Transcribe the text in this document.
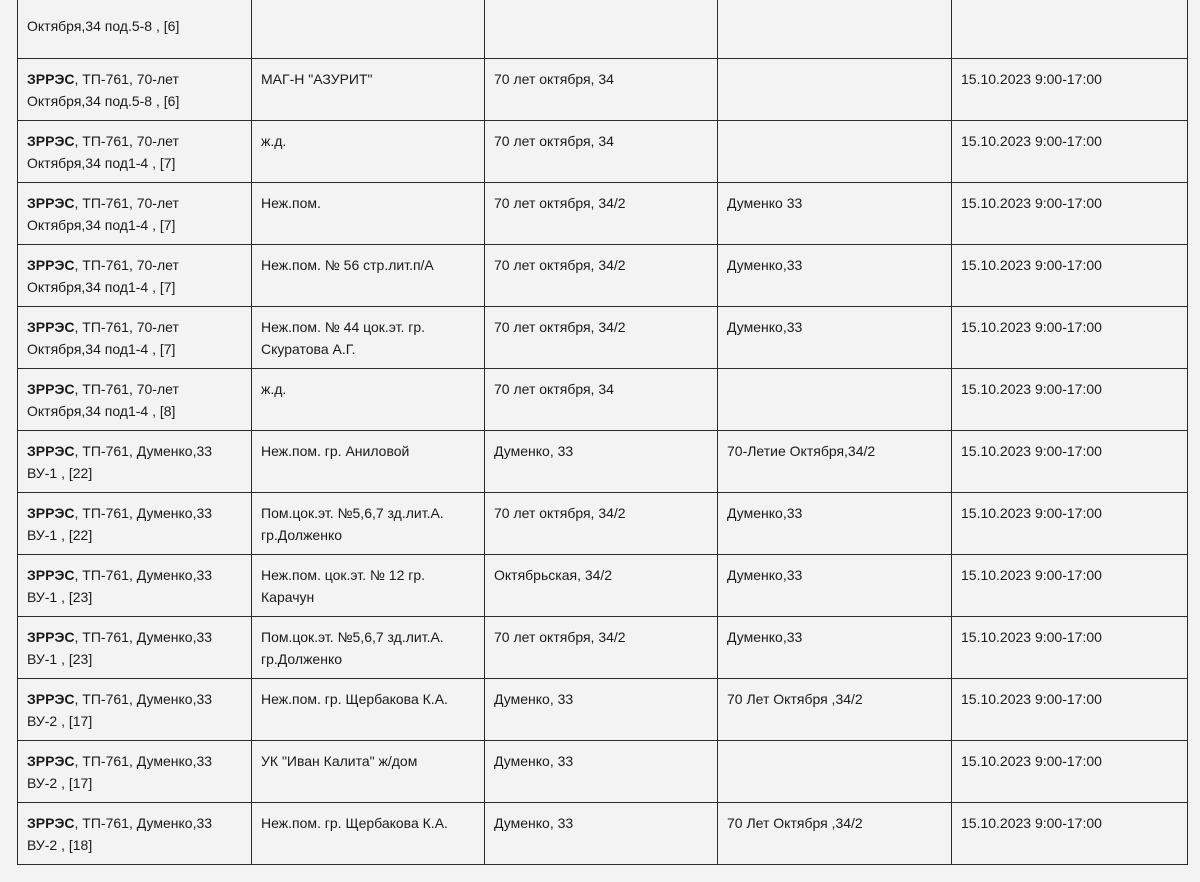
Октября,34 под.5-8 , [6]				
ЗРРЭС, ТП-761, 70-лет Октября,34 под.5-8 , [6]	МАГ-Н "АЗУРИТ"	70 лет октября, 34		15.10.2023 9:00-17:00
ЗРРЭС, ТП-761, 70-лет Октября,34 под1-4 , [7]	ж.д.	70 лет октября, 34		15.10.2023 9:00-17:00
ЗРРЭС, ТП-761, 70-лет Октября,34 под1-4 , [7]	Неж.пом.	70 лет октября, 34/2	Думенко 33	15.10.2023 9:00-17:00
ЗРРЭС, ТП-761, 70-лет Октября,34 под1-4 , [7]	Неж.пом. № 56 стр.лит.п/А	70 лет октября, 34/2	Думенко,33	15.10.2023 9:00-17:00
ЗРРЭС, ТП-761, 70-лет Октября,34 под1-4 , [7]	Неж.пом. № 44 цок.эт. гр. Скуратова А.Г.	70 лет октября, 34/2	Думенко,33	15.10.2023 9:00-17:00
ЗРРЭС, ТП-761, 70-лет Октября,34 под1-4 , [8]	ж.д.	70 лет октября, 34		15.10.2023 9:00-17:00
ЗРРЭС, ТП-761, Думенко,33 ВУ-1 , [22]	Неж.пом. гр. Аниловой	Думенко, 33	70-Летие Октября,34/2	15.10.2023 9:00-17:00
ЗРРЭС, ТП-761, Думенко,33 ВУ-1 , [22]	Пом.цок.эт. №5,6,7 зд.лит.А. гр.Долженко	70 лет октября, 34/2	Думенко,33	15.10.2023 9:00-17:00
ЗРРЭС, ТП-761, Думенко,33 ВУ-1 , [23]	Неж.пом. цок.эт. № 12 гр. Карачун	Октябрьская, 34/2	Думенко,33	15.10.2023 9:00-17:00
ЗРРЭС, ТП-761, Думенко,33 ВУ-1 , [23]	Пом.цок.эт. №5,6,7 зд.лит.А. гр.Долженко	70 лет октября, 34/2	Думенко,33	15.10.2023 9:00-17:00
ЗРРЭС, ТП-761, Думенко,33 ВУ-2 , [17]	Неж.пом. гр. Щербакова К.А.	Думенко, 33	70 Лет Октября ,34/2	15.10.2023 9:00-17:00
ЗРРЭС, ТП-761, Думенко,33 ВУ-2 , [17]	УК "Иван Калита" ж/дом	Думенко, 33		15.10.2023 9:00-17:00
ЗРРЭС, ТП-761, Думенко,33 ВУ-2 , [18]	Неж.пом. гр. Щербакова К.А.	Думенко, 33	70 Лет Октября ,34/2	15.10.2023 9:00-17:00
